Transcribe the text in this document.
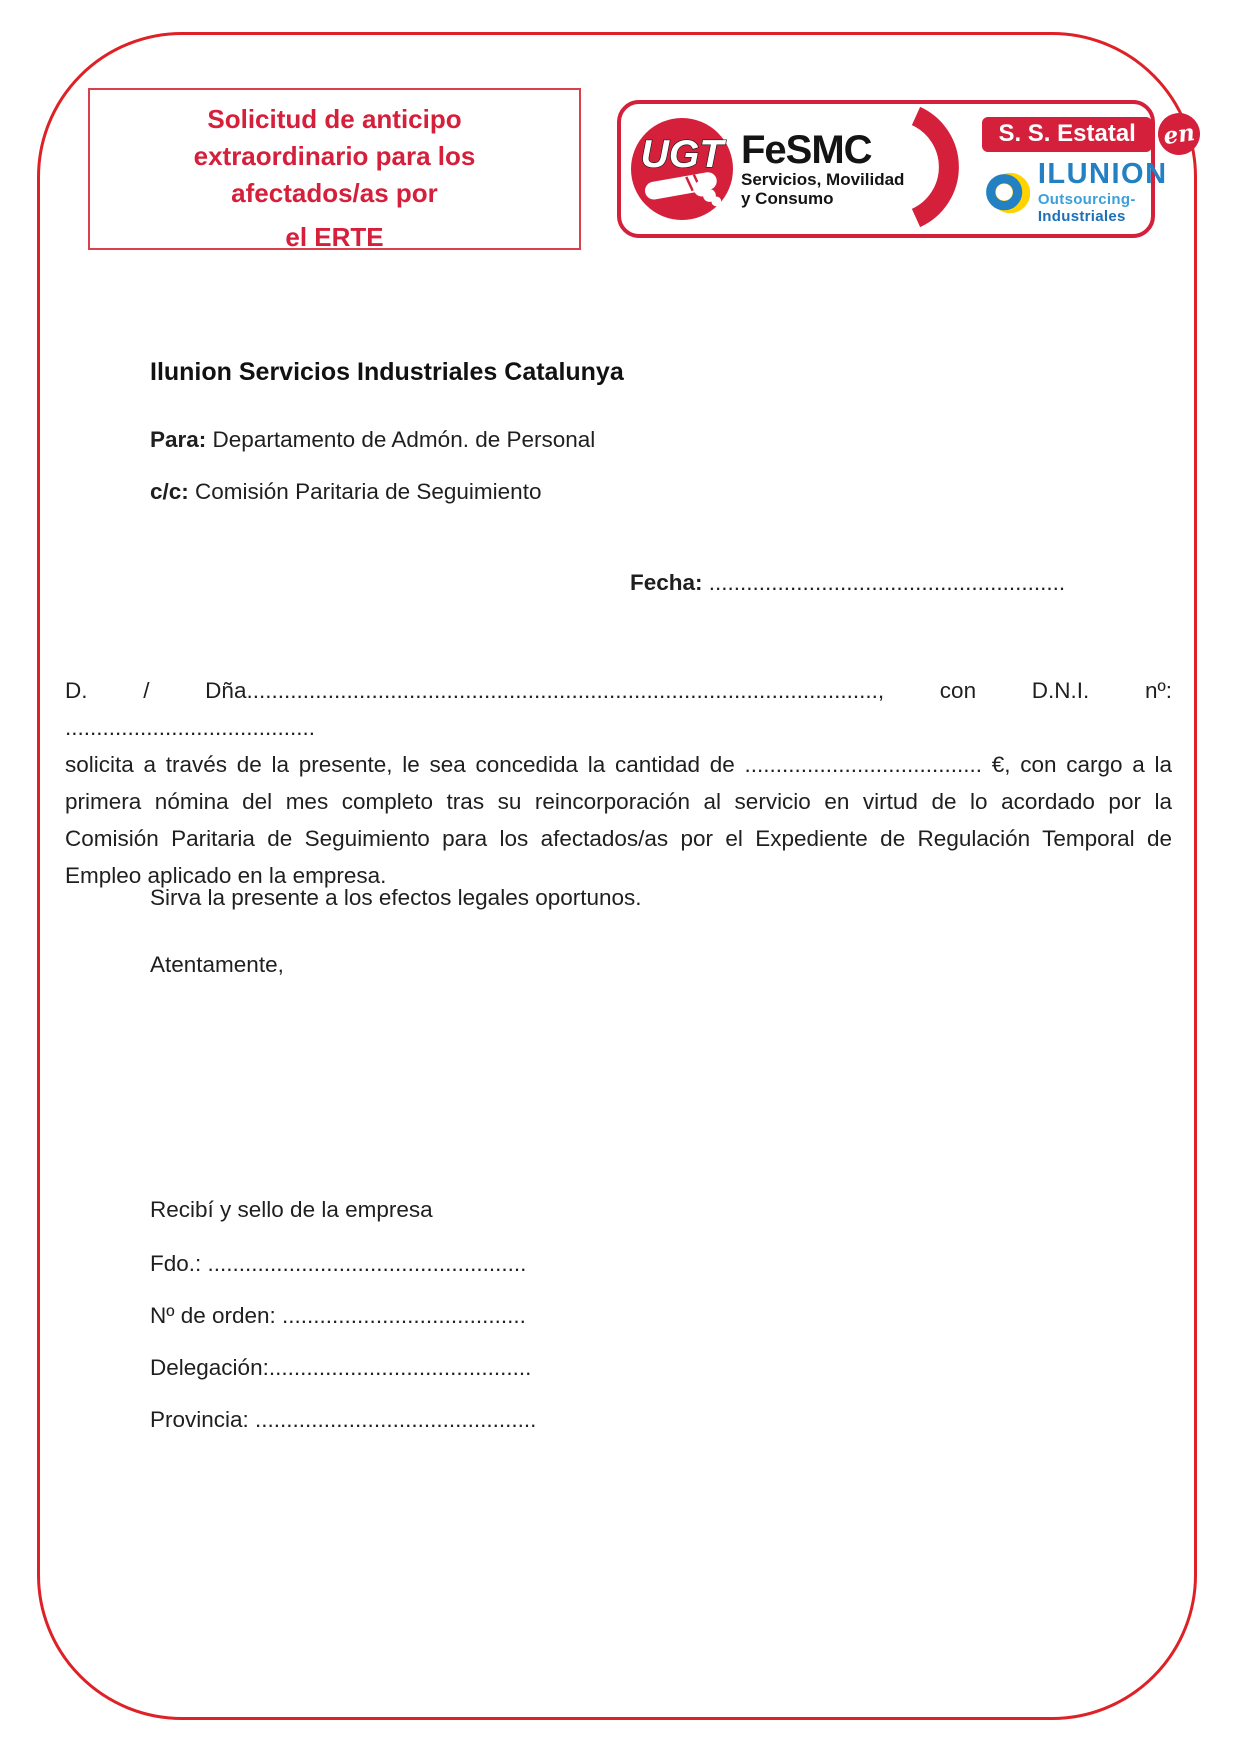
Solicitud de anticipo
extraordinario para los
afectados/as por
el ERTE
UGT FeSMC
Servicios, Movilidad
y Consumo
S. S. Estatal	en
ILUNION
Outsourcing-Industriales
Ilunion Servicios Industriales Catalunya
Para: Departamento de Admón. de Personal
c/c: Comisión Paritaria de Seguimiento
Fecha: .........................................................
D. / Dña....................................................................................................., con D.N.I. nº: ........................................
solicita a través de la presente, le sea concedida la cantidad de ...................................... €, con cargo a la
primera nómina del mes completo tras su reincorporación al servicio en virtud de lo acordado por la
Comisión Paritaria de Seguimiento para los afectados/as por el Expediente de Regulación Temporal de
Empleo aplicado en la empresa.
Sirva la presente a los efectos legales oportunos.
Atentamente,
Recibí y sello de la empresa
Fdo.: ...................................................
Nº de orden: .......................................
Delegación:..........................................
Provincia: .............................................
